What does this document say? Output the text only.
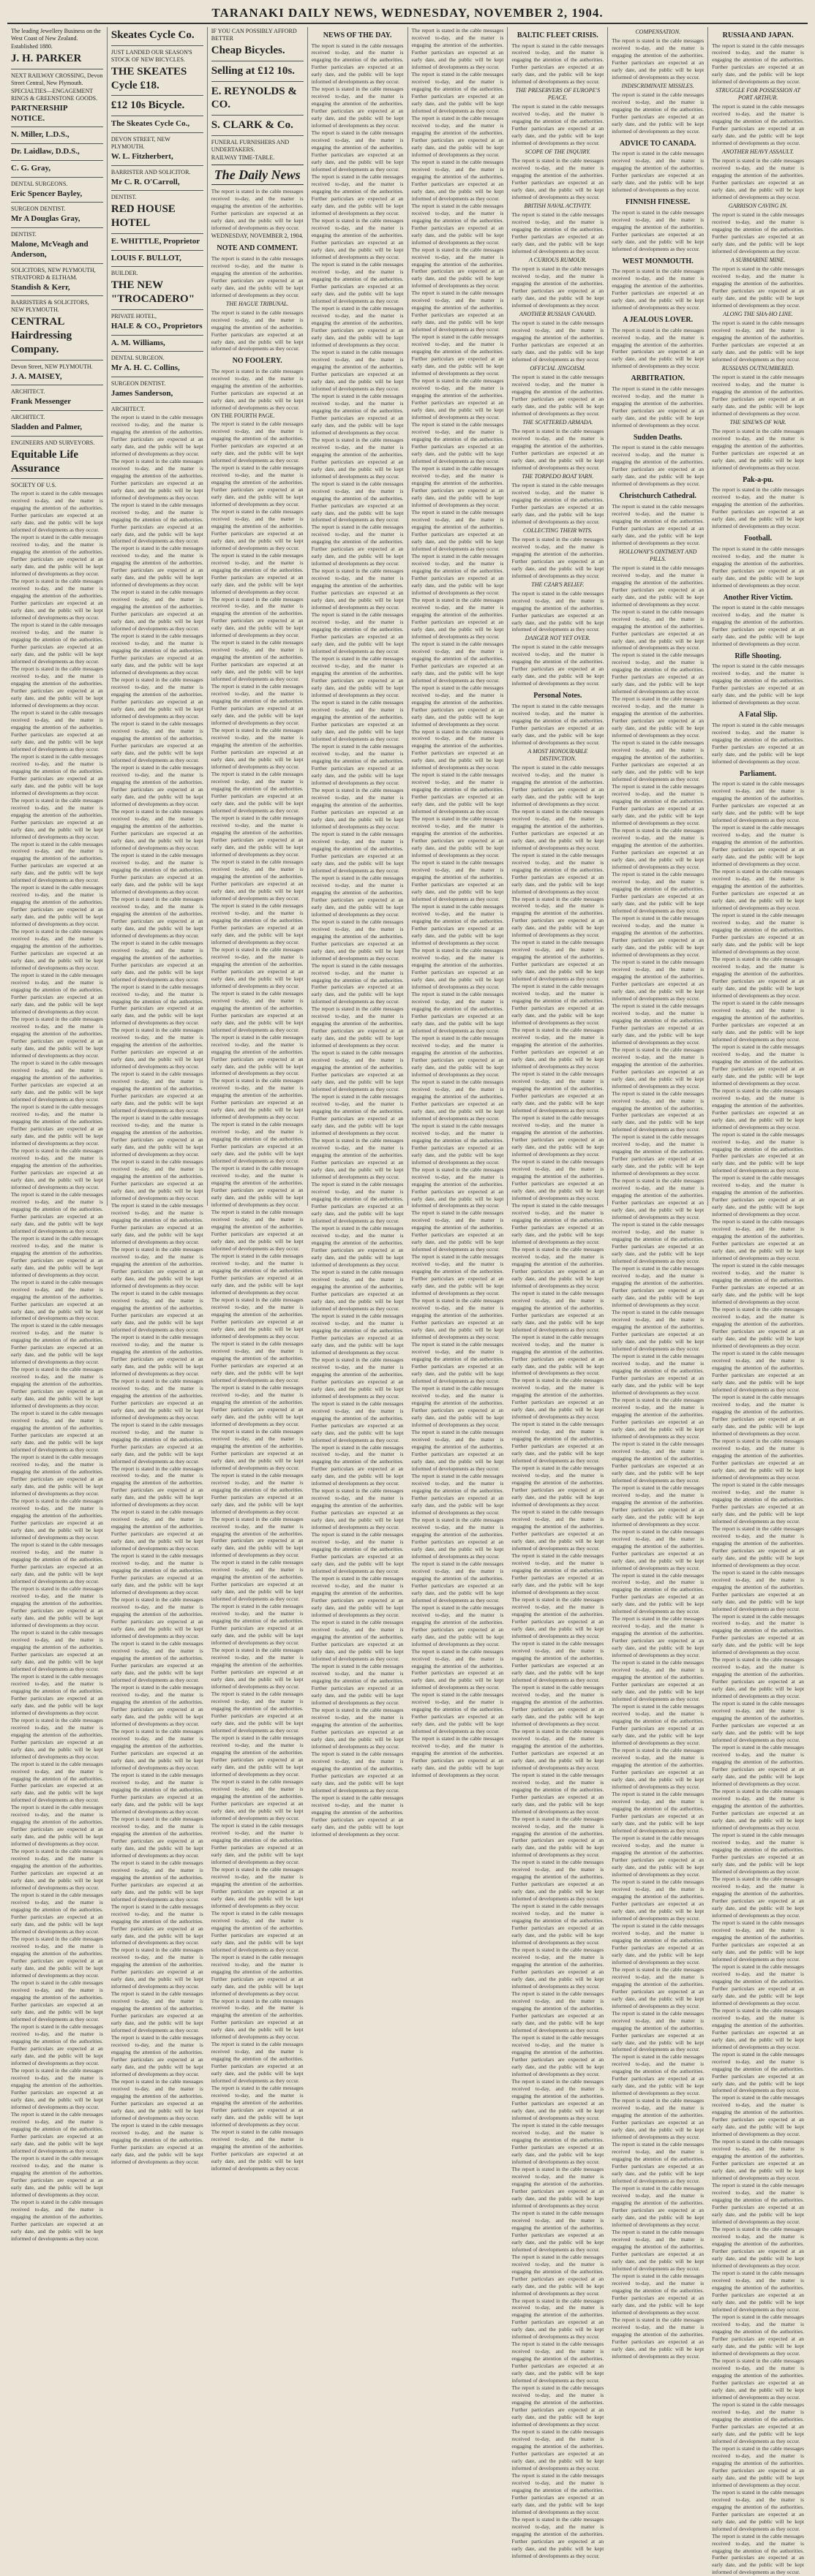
TARANAKI DAILY NEWS, WEDNESDAY, NOVEMBER 2, 1904.
The leading Jewellery Business on the West Coast of New Zealand.
Established 1880.
J. H. PARKER
NEXT RAILWAY CROSSING, Devon Street Central, New Plymouth.
SPECIALTIES—ENGAGEMENT RINGS & GREENSTONE GOODS.
PARTNERSHIP NOTICE.
N. Miller, L.D.S.,
Dr. Laidlaw, D.D.S.,
C. G. Gray,
DENTAL SURGEONS.
Eric Spencer Bayley,
SURGEON DENTIST.
Mr A Douglas Gray,
DENTIST.
Malone, McVeagh and Anderson,
SOLICITORS, NEW PLYMOUTH, STRATFORD & ELTHAM.
Standish & Kerr,
BARRISTERS & SOLICITORS, NEW PLYMOUTH.
CENTRAL Hairdressing Company.
Devon Street, NEW PLYMOUTH.
J. A. MAISEY,
ARCHITECT.
Frank Messenger
ARCHITECT.
Sladden and Palmer,
ENGINEERS AND SURVEYORS.
Equitable Life Assurance
SOCIETY OF U.S.
The report is stated in the cable messages received to-day, and the matter is engaging the attention of the authorities. Further particulars are expected at an early date, and the public will be kept informed of developments as they occur.
The report is stated in the cable messages received to-day, and the matter is engaging the attention of the authorities. Further particulars are expected at an early date, and the public will be kept informed of developments as they occur.
The report is stated in the cable messages received to-day, and the matter is engaging the attention of the authorities. Further particulars are expected at an early date, and the public will be kept informed of developments as they occur.
The report is stated in the cable messages received to-day, and the matter is engaging the attention of the authorities. Further particulars are expected at an early date, and the public will be kept informed of developments as they occur.
The report is stated in the cable messages received to-day, and the matter is engaging the attention of the authorities. Further particulars are expected at an early date, and the public will be kept informed of developments as they occur.
The report is stated in the cable messages received to-day, and the matter is engaging the attention of the authorities. Further particulars are expected at an early date, and the public will be kept informed of developments as they occur.
The report is stated in the cable messages received to-day, and the matter is engaging the attention of the authorities. Further particulars are expected at an early date, and the public will be kept informed of developments as they occur.
The report is stated in the cable messages received to-day, and the matter is engaging the attention of the authorities. Further particulars are expected at an early date, and the public will be kept informed of developments as they occur.
The report is stated in the cable messages received to-day, and the matter is engaging the attention of the authorities. Further particulars are expected at an early date, and the public will be kept informed of developments as they occur.
The report is stated in the cable messages received to-day, and the matter is engaging the attention of the authorities. Further particulars are expected at an early date, and the public will be kept informed of developments as they occur.
The report is stated in the cable messages received to-day, and the matter is engaging the attention of the authorities. Further particulars are expected at an early date, and the public will be kept informed of developments as they occur.
The report is stated in the cable messages received to-day, and the matter is engaging the attention of the authorities. Further particulars are expected at an early date, and the public will be kept informed of developments as they occur.
The report is stated in the cable messages received to-day, and the matter is engaging the attention of the authorities. Further particulars are expected at an early date, and the public will be kept informed of developments as they occur.
The report is stated in the cable messages received to-day, and the matter is engaging the attention of the authorities. Further particulars are expected at an early date, and the public will be kept informed of developments as they occur.
The report is stated in the cable messages received to-day, and the matter is engaging the attention of the authorities. Further particulars are expected at an early date, and the public will be kept informed of developments as they occur.
The report is stated in the cable messages received to-day, and the matter is engaging the attention of the authorities. Further particulars are expected at an early date, and the public will be kept informed of developments as they occur.
The report is stated in the cable messages received to-day, and the matter is engaging the attention of the authorities. Further particulars are expected at an early date, and the public will be kept informed of developments as they occur.
The report is stated in the cable messages received to-day, and the matter is engaging the attention of the authorities. Further particulars are expected at an early date, and the public will be kept informed of developments as they occur.
The report is stated in the cable messages received to-day, and the matter is engaging the attention of the authorities. Further particulars are expected at an early date, and the public will be kept informed of developments as they occur.
The report is stated in the cable messages received to-day, and the matter is engaging the attention of the authorities. Further particulars are expected at an early date, and the public will be kept informed of developments as they occur.
The report is stated in the cable messages received to-day, and the matter is engaging the attention of the authorities. Further particulars are expected at an early date, and the public will be kept informed of developments as they occur.
The report is stated in the cable messages received to-day, and the matter is engaging the attention of the authorities. Further particulars are expected at an early date, and the public will be kept informed of developments as they occur.
The report is stated in the cable messages received to-day, and the matter is engaging the attention of the authorities. Further particulars are expected at an early date, and the public will be kept informed of developments as they occur.
The report is stated in the cable messages received to-day, and the matter is engaging the attention of the authorities. Further particulars are expected at an early date, and the public will be kept informed of developments as they occur.
The report is stated in the cable messages received to-day, and the matter is engaging the attention of the authorities. Further particulars are expected at an early date, and the public will be kept informed of developments as they occur.
The report is stated in the cable messages received to-day, and the matter is engaging the attention of the authorities. Further particulars are expected at an early date, and the public will be kept informed of developments as they occur.
The report is stated in the cable messages received to-day, and the matter is engaging the attention of the authorities. Further particulars are expected at an early date, and the public will be kept informed of developments as they occur.
The report is stated in the cable messages received to-day, and the matter is engaging the attention of the authorities. Further particulars are expected at an early date, and the public will be kept informed of developments as they occur.
The report is stated in the cable messages received to-day, and the matter is engaging the attention of the authorities. Further particulars are expected at an early date, and the public will be kept informed of developments as they occur.
The report is stated in the cable messages received to-day, and the matter is engaging the attention of the authorities. Further particulars are expected at an early date, and the public will be kept informed of developments as they occur.
The report is stated in the cable messages received to-day, and the matter is engaging the attention of the authorities. Further particulars are expected at an early date, and the public will be kept informed of developments as they occur.
The report is stated in the cable messages received to-day, and the matter is engaging the attention of the authorities. Further particulars are expected at an early date, and the public will be kept informed of developments as they occur.
The report is stated in the cable messages received to-day, and the matter is engaging the attention of the authorities. Further particulars are expected at an early date, and the public will be kept informed of developments as they occur.
The report is stated in the cable messages received to-day, and the matter is engaging the attention of the authorities. Further particulars are expected at an early date, and the public will be kept informed of developments as they occur.
The report is stated in the cable messages received to-day, and the matter is engaging the attention of the authorities. Further particulars are expected at an early date, and the public will be kept informed of developments as they occur.
The report is stated in the cable messages received to-day, and the matter is engaging the attention of the authorities. Further particulars are expected at an early date, and the public will be kept informed of developments as they occur.
The report is stated in the cable messages received to-day, and the matter is engaging the attention of the authorities. Further particulars are expected at an early date, and the public will be kept informed of developments as they occur.
The report is stated in the cable messages received to-day, and the matter is engaging the attention of the authorities. Further particulars are expected at an early date, and the public will be kept informed of developments as they occur.
The report is stated in the cable messages received to-day, and the matter is engaging the attention of the authorities. Further particulars are expected at an early date, and the public will be kept informed of developments as they occur.
The report is stated in the cable messages received to-day, and the matter is engaging the attention of the authorities. Further particulars are expected at an early date, and the public will be kept informed of developments as they occur.
Skeates Cycle Co.
JUST LANDED OUR SEASON'S STOCK OF NEW BICYCLES.
THE SKEATES Cycle £18.
£12 10s Bicycle.
The Skeates Cycle Co.,
DEVON STREET, NEW PLYMOUTH.
W. L. Fitzherbert,
BARRISTER AND SOLICITOR.
Mr C. R. O'Carroll,
DENTIST.
RED HOUSE HOTEL
E. WHITTLE, Proprietor
LOUIS F. BULLOT,
BUILDER.
THE NEW "TROCADERO"
PRIVATE HOTEL,
HALE & CO., Proprietors
A. M. Williams,
DENTAL SURGEON.
Mr A. H. C. Collins,
SURGEON DENTIST.
James Sanderson,
ARCHITECT.
The report is stated in the cable messages received to-day, and the matter is engaging the attention of the authorities. Further particulars are expected at an early date, and the public will be kept informed of developments as they occur.
The report is stated in the cable messages received to-day, and the matter is engaging the attention of the authorities. Further particulars are expected at an early date, and the public will be kept informed of developments as they occur.
The report is stated in the cable messages received to-day, and the matter is engaging the attention of the authorities. Further particulars are expected at an early date, and the public will be kept informed of developments as they occur.
The report is stated in the cable messages received to-day, and the matter is engaging the attention of the authorities. Further particulars are expected at an early date, and the public will be kept informed of developments as they occur.
The report is stated in the cable messages received to-day, and the matter is engaging the attention of the authorities. Further particulars are expected at an early date, and the public will be kept informed of developments as they occur.
The report is stated in the cable messages received to-day, and the matter is engaging the attention of the authorities. Further particulars are expected at an early date, and the public will be kept informed of developments as they occur.
The report is stated in the cable messages received to-day, and the matter is engaging the attention of the authorities. Further particulars are expected at an early date, and the public will be kept informed of developments as they occur.
The report is stated in the cable messages received to-day, and the matter is engaging the attention of the authorities. Further particulars are expected at an early date, and the public will be kept informed of developments as they occur.
The report is stated in the cable messages received to-day, and the matter is engaging the attention of the authorities. Further particulars are expected at an early date, and the public will be kept informed of developments as they occur.
The report is stated in the cable messages received to-day, and the matter is engaging the attention of the authorities. Further particulars are expected at an early date, and the public will be kept informed of developments as they occur.
The report is stated in the cable messages received to-day, and the matter is engaging the attention of the authorities. Further particulars are expected at an early date, and the public will be kept informed of developments as they occur.
The report is stated in the cable messages received to-day, and the matter is engaging the attention of the authorities. Further particulars are expected at an early date, and the public will be kept informed of developments as they occur.
The report is stated in the cable messages received to-day, and the matter is engaging the attention of the authorities. Further particulars are expected at an early date, and the public will be kept informed of developments as they occur.
The report is stated in the cable messages received to-day, and the matter is engaging the attention of the authorities. Further particulars are expected at an early date, and the public will be kept informed of developments as they occur.
The report is stated in the cable messages received to-day, and the matter is engaging the attention of the authorities. Further particulars are expected at an early date, and the public will be kept informed of developments as they occur.
The report is stated in the cable messages received to-day, and the matter is engaging the attention of the authorities. Further particulars are expected at an early date, and the public will be kept informed of developments as they occur.
The report is stated in the cable messages received to-day, and the matter is engaging the attention of the authorities. Further particulars are expected at an early date, and the public will be kept informed of developments as they occur.
The report is stated in the cable messages received to-day, and the matter is engaging the attention of the authorities. Further particulars are expected at an early date, and the public will be kept informed of developments as they occur.
The report is stated in the cable messages received to-day, and the matter is engaging the attention of the authorities. Further particulars are expected at an early date, and the public will be kept informed of developments as they occur.
The report is stated in the cable messages received to-day, and the matter is engaging the attention of the authorities. Further particulars are expected at an early date, and the public will be kept informed of developments as they occur.
The report is stated in the cable messages received to-day, and the matter is engaging the attention of the authorities. Further particulars are expected at an early date, and the public will be kept informed of developments as they occur.
The report is stated in the cable messages received to-day, and the matter is engaging the attention of the authorities. Further particulars are expected at an early date, and the public will be kept informed of developments as they occur.
The report is stated in the cable messages received to-day, and the matter is engaging the attention of the authorities. Further particulars are expected at an early date, and the public will be kept informed of developments as they occur.
The report is stated in the cable messages received to-day, and the matter is engaging the attention of the authorities. Further particulars are expected at an early date, and the public will be kept informed of developments as they occur.
The report is stated in the cable messages received to-day, and the matter is engaging the attention of the authorities. Further particulars are expected at an early date, and the public will be kept informed of developments as they occur.
The report is stated in the cable messages received to-day, and the matter is engaging the attention of the authorities. Further particulars are expected at an early date, and the public will be kept informed of developments as they occur.
The report is stated in the cable messages received to-day, and the matter is engaging the attention of the authorities. Further particulars are expected at an early date, and the public will be kept informed of developments as they occur.
The report is stated in the cable messages received to-day, and the matter is engaging the attention of the authorities. Further particulars are expected at an early date, and the public will be kept informed of developments as they occur.
The report is stated in the cable messages received to-day, and the matter is engaging the attention of the authorities. Further particulars are expected at an early date, and the public will be kept informed of developments as they occur.
The report is stated in the cable messages received to-day, and the matter is engaging the attention of the authorities. Further particulars are expected at an early date, and the public will be kept informed of developments as they occur.
The report is stated in the cable messages received to-day, and the matter is engaging the attention of the authorities. Further particulars are expected at an early date, and the public will be kept informed of developments as they occur.
The report is stated in the cable messages received to-day, and the matter is engaging the attention of the authorities. Further particulars are expected at an early date, and the public will be kept informed of developments as they occur.
The report is stated in the cable messages received to-day, and the matter is engaging the attention of the authorities. Further particulars are expected at an early date, and the public will be kept informed of developments as they occur.
The report is stated in the cable messages received to-day, and the matter is engaging the attention of the authorities. Further particulars are expected at an early date, and the public will be kept informed of developments as they occur.
The report is stated in the cable messages received to-day, and the matter is engaging the attention of the authorities. Further particulars are expected at an early date, and the public will be kept informed of developments as they occur.
The report is stated in the cable messages received to-day, and the matter is engaging the attention of the authorities. Further particulars are expected at an early date, and the public will be kept informed of developments as they occur.
The report is stated in the cable messages received to-day, and the matter is engaging the attention of the authorities. Further particulars are expected at an early date, and the public will be kept informed of developments as they occur.
The report is stated in the cable messages received to-day, and the matter is engaging the attention of the authorities. Further particulars are expected at an early date, and the public will be kept informed of developments as they occur.
The report is stated in the cable messages received to-day, and the matter is engaging the attention of the authorities. Further particulars are expected at an early date, and the public will be kept informed of developments as they occur.
The report is stated in the cable messages received to-day, and the matter is engaging the attention of the authorities. Further particulars are expected at an early date, and the public will be kept informed of developments as they occur.
IF YOU CAN POSSIBLY AFFORD BETTER
Cheap Bicycles.
Selling at £12 10s.
E. REYNOLDS & CO.
S. CLARK & Co.
FUNERAL FURNISHERS AND UNDERTAKERS.
RAILWAY TIME-TABLE.
The Daily News
The report is stated in the cable messages received to-day, and the matter is engaging the attention of the authorities. Further particulars are expected at an early date, and the public will be kept informed of developments as they occur.
WEDNESDAY, NOVEMBER 2, 1904.
NOTE AND COMMENT.
The report is stated in the cable messages received to-day, and the matter is engaging the attention of the authorities. Further particulars are expected at an early date, and the public will be kept informed of developments as they occur.
THE HAGUE TRIBUNAL.
The report is stated in the cable messages received to-day, and the matter is engaging the attention of the authorities. Further particulars are expected at an early date, and the public will be kept informed of developments as they occur.
NO FOOLERY.
The report is stated in the cable messages received to-day, and the matter is engaging the attention of the authorities. Further particulars are expected at an early date, and the public will be kept informed of developments as they occur.
ON THE FOURTH PAGE.
The report is stated in the cable messages received to-day, and the matter is engaging the attention of the authorities. Further particulars are expected at an early date, and the public will be kept informed of developments as they occur.
The report is stated in the cable messages received to-day, and the matter is engaging the attention of the authorities. Further particulars are expected at an early date, and the public will be kept informed of developments as they occur.
The report is stated in the cable messages received to-day, and the matter is engaging the attention of the authorities. Further particulars are expected at an early date, and the public will be kept informed of developments as they occur.
The report is stated in the cable messages received to-day, and the matter is engaging the attention of the authorities. Further particulars are expected at an early date, and the public will be kept informed of developments as they occur.
The report is stated in the cable messages received to-day, and the matter is engaging the attention of the authorities. Further particulars are expected at an early date, and the public will be kept informed of developments as they occur.
The report is stated in the cable messages received to-day, and the matter is engaging the attention of the authorities. Further particulars are expected at an early date, and the public will be kept informed of developments as they occur.
The report is stated in the cable messages received to-day, and the matter is engaging the attention of the authorities. Further particulars are expected at an early date, and the public will be kept informed of developments as they occur.
The report is stated in the cable messages received to-day, and the matter is engaging the attention of the authorities. Further particulars are expected at an early date, and the public will be kept informed of developments as they occur.
The report is stated in the cable messages received to-day, and the matter is engaging the attention of the authorities. Further particulars are expected at an early date, and the public will be kept informed of developments as they occur.
The report is stated in the cable messages received to-day, and the matter is engaging the attention of the authorities. Further particulars are expected at an early date, and the public will be kept informed of developments as they occur.
The report is stated in the cable messages received to-day, and the matter is engaging the attention of the authorities. Further particulars are expected at an early date, and the public will be kept informed of developments as they occur.
The report is stated in the cable messages received to-day, and the matter is engaging the attention of the authorities. Further particulars are expected at an early date, and the public will be kept informed of developments as they occur.
The report is stated in the cable messages received to-day, and the matter is engaging the attention of the authorities. Further particulars are expected at an early date, and the public will be kept informed of developments as they occur.
The report is stated in the cable messages received to-day, and the matter is engaging the attention of the authorities. Further particulars are expected at an early date, and the public will be kept informed of developments as they occur.
The report is stated in the cable messages received to-day, and the matter is engaging the attention of the authorities. Further particulars are expected at an early date, and the public will be kept informed of developments as they occur.
The report is stated in the cable messages received to-day, and the matter is engaging the attention of the authorities. Further particulars are expected at an early date, and the public will be kept informed of developments as they occur.
The report is stated in the cable messages received to-day, and the matter is engaging the attention of the authorities. Further particulars are expected at an early date, and the public will be kept informed of developments as they occur.
The report is stated in the cable messages received to-day, and the matter is engaging the attention of the authorities. Further particulars are expected at an early date, and the public will be kept informed of developments as they occur.
The report is stated in the cable messages received to-day, and the matter is engaging the attention of the authorities. Further particulars are expected at an early date, and the public will be kept informed of developments as they occur.
The report is stated in the cable messages received to-day, and the matter is engaging the attention of the authorities. Further particulars are expected at an early date, and the public will be kept informed of developments as they occur.
The report is stated in the cable messages received to-day, and the matter is engaging the attention of the authorities. Further particulars are expected at an early date, and the public will be kept informed of developments as they occur.
The report is stated in the cable messages received to-day, and the matter is engaging the attention of the authorities. Further particulars are expected at an early date, and the public will be kept informed of developments as they occur.
The report is stated in the cable messages received to-day, and the matter is engaging the attention of the authorities. Further particulars are expected at an early date, and the public will be kept informed of developments as they occur.
The report is stated in the cable messages received to-day, and the matter is engaging the attention of the authorities. Further particulars are expected at an early date, and the public will be kept informed of developments as they occur.
The report is stated in the cable messages received to-day, and the matter is engaging the attention of the authorities. Further particulars are expected at an early date, and the public will be kept informed of developments as they occur.
The report is stated in the cable messages received to-day, and the matter is engaging the attention of the authorities. Further particulars are expected at an early date, and the public will be kept informed of developments as they occur.
The report is stated in the cable messages received to-day, and the matter is engaging the attention of the authorities. Further particulars are expected at an early date, and the public will be kept informed of developments as they occur.
The report is stated in the cable messages received to-day, and the matter is engaging the attention of the authorities. Further particulars are expected at an early date, and the public will be kept informed of developments as they occur.
The report is stated in the cable messages received to-day, and the matter is engaging the attention of the authorities. Further particulars are expected at an early date, and the public will be kept informed of developments as they occur.
The report is stated in the cable messages received to-day, and the matter is engaging the attention of the authorities. Further particulars are expected at an early date, and the public will be kept informed of developments as they occur.
The report is stated in the cable messages received to-day, and the matter is engaging the attention of the authorities. Further particulars are expected at an early date, and the public will be kept informed of developments as they occur.
The report is stated in the cable messages received to-day, and the matter is engaging the attention of the authorities. Further particulars are expected at an early date, and the public will be kept informed of developments as they occur.
The report is stated in the cable messages received to-day, and the matter is engaging the attention of the authorities. Further particulars are expected at an early date, and the public will be kept informed of developments as they occur.
The report is stated in the cable messages received to-day, and the matter is engaging the attention of the authorities. Further particulars are expected at an early date, and the public will be kept informed of developments as they occur.
The report is stated in the cable messages received to-day, and the matter is engaging the attention of the authorities. Further particulars are expected at an early date, and the public will be kept informed of developments as they occur.
The report is stated in the cable messages received to-day, and the matter is engaging the attention of the authorities. Further particulars are expected at an early date, and the public will be kept informed of developments as they occur.
The report is stated in the cable messages received to-day, and the matter is engaging the attention of the authorities. Further particulars are expected at an early date, and the public will be kept informed of developments as they occur.
The report is stated in the cable messages received to-day, and the matter is engaging the attention of the authorities. Further particulars are expected at an early date, and the public will be kept informed of developments as they occur.
The report is stated in the cable messages received to-day, and the matter is engaging the attention of the authorities. Further particulars are expected at an early date, and the public will be kept informed of developments as they occur.
The report is stated in the cable messages received to-day, and the matter is engaging the attention of the authorities. Further particulars are expected at an early date, and the public will be kept informed of developments as they occur.
NEWS OF THE DAY.
The report is stated in the cable messages received to-day, and the matter is engaging the attention of the authorities. Further particulars are expected at an early date, and the public will be kept informed of developments as they occur.
The report is stated in the cable messages received to-day, and the matter is engaging the attention of the authorities. Further particulars are expected at an early date, and the public will be kept informed of developments as they occur.
The report is stated in the cable messages received to-day, and the matter is engaging the attention of the authorities. Further particulars are expected at an early date, and the public will be kept informed of developments as they occur.
The report is stated in the cable messages received to-day, and the matter is engaging the attention of the authorities. Further particulars are expected at an early date, and the public will be kept informed of developments as they occur.
The report is stated in the cable messages received to-day, and the matter is engaging the attention of the authorities. Further particulars are expected at an early date, and the public will be kept informed of developments as they occur.
The report is stated in the cable messages received to-day, and the matter is engaging the attention of the authorities. Further particulars are expected at an early date, and the public will be kept informed of developments as they occur.
The report is stated in the cable messages received to-day, and the matter is engaging the attention of the authorities. Further particulars are expected at an early date, and the public will be kept informed of developments as they occur.
The report is stated in the cable messages received to-day, and the matter is engaging the attention of the authorities. Further particulars are expected at an early date, and the public will be kept informed of developments as they occur.
The report is stated in the cable messages received to-day, and the matter is engaging the attention of the authorities. Further particulars are expected at an early date, and the public will be kept informed of developments as they occur.
The report is stated in the cable messages received to-day, and the matter is engaging the attention of the authorities. Further particulars are expected at an early date, and the public will be kept informed of developments as they occur.
The report is stated in the cable messages received to-day, and the matter is engaging the attention of the authorities. Further particulars are expected at an early date, and the public will be kept informed of developments as they occur.
The report is stated in the cable messages received to-day, and the matter is engaging the attention of the authorities. Further particulars are expected at an early date, and the public will be kept informed of developments as they occur.
The report is stated in the cable messages received to-day, and the matter is engaging the attention of the authorities. Further particulars are expected at an early date, and the public will be kept informed of developments as they occur.
The report is stated in the cable messages received to-day, and the matter is engaging the attention of the authorities. Further particulars are expected at an early date, and the public will be kept informed of developments as they occur.
The report is stated in the cable messages received to-day, and the matter is engaging the attention of the authorities. Further particulars are expected at an early date, and the public will be kept informed of developments as they occur.
The report is stated in the cable messages received to-day, and the matter is engaging the attention of the authorities. Further particulars are expected at an early date, and the public will be kept informed of developments as they occur.
The report is stated in the cable messages received to-day, and the matter is engaging the attention of the authorities. Further particulars are expected at an early date, and the public will be kept informed of developments as they occur.
The report is stated in the cable messages received to-day, and the matter is engaging the attention of the authorities. Further particulars are expected at an early date, and the public will be kept informed of developments as they occur.
The report is stated in the cable messages received to-day, and the matter is engaging the attention of the authorities. Further particulars are expected at an early date, and the public will be kept informed of developments as they occur.
The report is stated in the cable messages received to-day, and the matter is engaging the attention of the authorities. Further particulars are expected at an early date, and the public will be kept informed of developments as they occur.
The report is stated in the cable messages received to-day, and the matter is engaging the attention of the authorities. Further particulars are expected at an early date, and the public will be kept informed of developments as they occur.
The report is stated in the cable messages received to-day, and the matter is engaging the attention of the authorities. Further particulars are expected at an early date, and the public will be kept informed of developments as they occur.
The report is stated in the cable messages received to-day, and the matter is engaging the attention of the authorities. Further particulars are expected at an early date, and the public will be kept informed of developments as they occur.
The report is stated in the cable messages received to-day, and the matter is engaging the attention of the authorities. Further particulars are expected at an early date, and the public will be kept informed of developments as they occur.
The report is stated in the cable messages received to-day, and the matter is engaging the attention of the authorities. Further particulars are expected at an early date, and the public will be kept informed of developments as they occur.
The report is stated in the cable messages received to-day, and the matter is engaging the attention of the authorities. Further particulars are expected at an early date, and the public will be kept informed of developments as they occur.
The report is stated in the cable messages received to-day, and the matter is engaging the attention of the authorities. Further particulars are expected at an early date, and the public will be kept informed of developments as they occur.
The report is stated in the cable messages received to-day, and the matter is engaging the attention of the authorities. Further particulars are expected at an early date, and the public will be kept informed of developments as they occur.
The report is stated in the cable messages received to-day, and the matter is engaging the attention of the authorities. Further particulars are expected at an early date, and the public will be kept informed of developments as they occur.
The report is stated in the cable messages received to-day, and the matter is engaging the attention of the authorities. Further particulars are expected at an early date, and the public will be kept informed of developments as they occur.
The report is stated in the cable messages received to-day, and the matter is engaging the attention of the authorities. Further particulars are expected at an early date, and the public will be kept informed of developments as they occur.
The report is stated in the cable messages received to-day, and the matter is engaging the attention of the authorities. Further particulars are expected at an early date, and the public will be kept informed of developments as they occur.
The report is stated in the cable messages received to-day, and the matter is engaging the attention of the authorities. Further particulars are expected at an early date, and the public will be kept informed of developments as they occur.
The report is stated in the cable messages received to-day, and the matter is engaging the attention of the authorities. Further particulars are expected at an early date, and the public will be kept informed of developments as they occur.
The report is stated in the cable messages received to-day, and the matter is engaging the attention of the authorities. Further particulars are expected at an early date, and the public will be kept informed of developments as they occur.
The report is stated in the cable messages received to-day, and the matter is engaging the attention of the authorities. Further particulars are expected at an early date, and the public will be kept informed of developments as they occur.
The report is stated in the cable messages received to-day, and the matter is engaging the attention of the authorities. Further particulars are expected at an early date, and the public will be kept informed of developments as they occur.
The report is stated in the cable messages received to-day, and the matter is engaging the attention of the authorities. Further particulars are expected at an early date, and the public will be kept informed of developments as they occur.
The report is stated in the cable messages received to-day, and the matter is engaging the attention of the authorities. Further particulars are expected at an early date, and the public will be kept informed of developments as they occur.
The report is stated in the cable messages received to-day, and the matter is engaging the attention of the authorities. Further particulars are expected at an early date, and the public will be kept informed of developments as they occur.
The report is stated in the cable messages received to-day, and the matter is engaging the attention of the authorities. Further particulars are expected at an early date, and the public will be kept informed of developments as they occur.
The report is stated in the cable messages received to-day, and the matter is engaging the attention of the authorities. Further particulars are expected at an early date, and the public will be kept informed of developments as they occur.
The report is stated in the cable messages received to-day, and the matter is engaging the attention of the authorities. Further particulars are expected at an early date, and the public will be kept informed of developments as they occur.
The report is stated in the cable messages received to-day, and the matter is engaging the attention of the authorities. Further particulars are expected at an early date, and the public will be kept informed of developments as they occur.
The report is stated in the cable messages received to-day, and the matter is engaging the attention of the authorities. Further particulars are expected at an early date, and the public will be kept informed of developments as they occur.
The report is stated in the cable messages received to-day, and the matter is engaging the attention of the authorities. Further particulars are expected at an early date, and the public will be kept informed of developments as they occur.
The report is stated in the cable messages received to-day, and the matter is engaging the attention of the authorities. Further particulars are expected at an early date, and the public will be kept informed of developments as they occur.
The report is stated in the cable messages received to-day, and the matter is engaging the attention of the authorities. Further particulars are expected at an early date, and the public will be kept informed of developments as they occur.
The report is stated in the cable messages received to-day, and the matter is engaging the attention of the authorities. Further particulars are expected at an early date, and the public will be kept informed of developments as they occur.
The report is stated in the cable messages received to-day, and the matter is engaging the attention of the authorities. Further particulars are expected at an early date, and the public will be kept informed of developments as they occur.
The report is stated in the cable messages received to-day, and the matter is engaging the attention of the authorities. Further particulars are expected at an early date, and the public will be kept informed of developments as they occur.
The report is stated in the cable messages received to-day, and the matter is engaging the attention of the authorities. Further particulars are expected at an early date, and the public will be kept informed of developments as they occur.
The report is stated in the cable messages received to-day, and the matter is engaging the attention of the authorities. Further particulars are expected at an early date, and the public will be kept informed of developments as they occur.
The report is stated in the cable messages received to-day, and the matter is engaging the attention of the authorities. Further particulars are expected at an early date, and the public will be kept informed of developments as they occur.
The report is stated in the cable messages received to-day, and the matter is engaging the attention of the authorities. Further particulars are expected at an early date, and the public will be kept informed of developments as they occur.
The report is stated in the cable messages received to-day, and the matter is engaging the attention of the authorities. Further particulars are expected at an early date, and the public will be kept informed of developments as they occur.
The report is stated in the cable messages received to-day, and the matter is engaging the attention of the authorities. Further particulars are expected at an early date, and the public will be kept informed of developments as they occur.
The report is stated in the cable messages received to-day, and the matter is engaging the attention of the authorities. Further particulars are expected at an early date, and the public will be kept informed of developments as they occur.
The report is stated in the cable messages received to-day, and the matter is engaging the attention of the authorities. Further particulars are expected at an early date, and the public will be kept informed of developments as they occur.
The report is stated in the cable messages received to-day, and the matter is engaging the attention of the authorities. Further particulars are expected at an early date, and the public will be kept informed of developments as they occur.
The report is stated in the cable messages received to-day, and the matter is engaging the attention of the authorities. Further particulars are expected at an early date, and the public will be kept informed of developments as they occur.
The report is stated in the cable messages received to-day, and the matter is engaging the attention of the authorities. Further particulars are expected at an early date, and the public will be kept informed of developments as they occur.
The report is stated in the cable messages received to-day, and the matter is engaging the attention of the authorities. Further particulars are expected at an early date, and the public will be kept informed of developments as they occur.
The report is stated in the cable messages received to-day, and the matter is engaging the attention of the authorities. Further particulars are expected at an early date, and the public will be kept informed of developments as they occur.
The report is stated in the cable messages received to-day, and the matter is engaging the attention of the authorities. Further particulars are expected at an early date, and the public will be kept informed of developments as they occur.
The report is stated in the cable messages received to-day, and the matter is engaging the attention of the authorities. Further particulars are expected at an early date, and the public will be kept informed of developments as they occur.
The report is stated in the cable messages received to-day, and the matter is engaging the attention of the authorities. Further particulars are expected at an early date, and the public will be kept informed of developments as they occur.
The report is stated in the cable messages received to-day, and the matter is engaging the attention of the authorities. Further particulars are expected at an early date, and the public will be kept informed of developments as they occur.
The report is stated in the cable messages received to-day, and the matter is engaging the attention of the authorities. Further particulars are expected at an early date, and the public will be kept informed of developments as they occur.
The report is stated in the cable messages received to-day, and the matter is engaging the attention of the authorities. Further particulars are expected at an early date, and the public will be kept informed of developments as they occur.
The report is stated in the cable messages received to-day, and the matter is engaging the attention of the authorities. Further particulars are expected at an early date, and the public will be kept informed of developments as they occur.
The report is stated in the cable messages received to-day, and the matter is engaging the attention of the authorities. Further particulars are expected at an early date, and the public will be kept informed of developments as they occur.
The report is stated in the cable messages received to-day, and the matter is engaging the attention of the authorities. Further particulars are expected at an early date, and the public will be kept informed of developments as they occur.
The report is stated in the cable messages received to-day, and the matter is engaging the attention of the authorities. Further particulars are expected at an early date, and the public will be kept informed of developments as they occur.
The report is stated in the cable messages received to-day, and the matter is engaging the attention of the authorities. Further particulars are expected at an early date, and the public will be kept informed of developments as they occur.
The report is stated in the cable messages received to-day, and the matter is engaging the attention of the authorities. Further particulars are expected at an early date, and the public will be kept informed of developments as they occur.
The report is stated in the cable messages received to-day, and the matter is engaging the attention of the authorities. Further particulars are expected at an early date, and the public will be kept informed of developments as they occur.
The report is stated in the cable messages received to-day, and the matter is engaging the attention of the authorities. Further particulars are expected at an early date, and the public will be kept informed of developments as they occur.
The report is stated in the cable messages received to-day, and the matter is engaging the attention of the authorities. Further particulars are expected at an early date, and the public will be kept informed of developments as they occur.
The report is stated in the cable messages received to-day, and the matter is engaging the attention of the authorities. Further particulars are expected at an early date, and the public will be kept informed of developments as they occur.
The report is stated in the cable messages received to-day, and the matter is engaging the attention of the authorities. Further particulars are expected at an early date, and the public will be kept informed of developments as they occur.
BALTIC FLEET CRISIS.
The report is stated in the cable messages received to-day, and the matter is engaging the attention of the authorities. Further particulars are expected at an early date, and the public will be kept informed of developments as they occur.
THE PRESERVERS OF EUROPE'S PEACE.
The report is stated in the cable messages received to-day, and the matter is engaging the attention of the authorities. Further particulars are expected at an early date, and the public will be kept informed of developments as they occur.
SCOPE OF THE INQUIRY.
The report is stated in the cable messages received to-day, and the matter is engaging the attention of the authorities. Further particulars are expected at an early date, and the public will be kept informed of developments as they occur.
BRITISH NAVAL ACTIVITY.
The report is stated in the cable messages received to-day, and the matter is engaging the attention of the authorities. Further particulars are expected at an early date, and the public will be kept informed of developments as they occur.
A CURIOUS RUMOUR.
The report is stated in the cable messages received to-day, and the matter is engaging the attention of the authorities. Further particulars are expected at an early date, and the public will be kept informed of developments as they occur.
ANOTHER RUSSIAN CANARD.
The report is stated in the cable messages received to-day, and the matter is engaging the attention of the authorities. Further particulars are expected at an early date, and the public will be kept informed of developments as they occur.
OFFICIAL JINGOISM.
The report is stated in the cable messages received to-day, and the matter is engaging the attention of the authorities. Further particulars are expected at an early date, and the public will be kept informed of developments as they occur.
THE SCATTERED ARMADA.
The report is stated in the cable messages received to-day, and the matter is engaging the attention of the authorities. Further particulars are expected at an early date, and the public will be kept informed of developments as they occur.
THE TORPEDO BOAT YARN.
The report is stated in the cable messages received to-day, and the matter is engaging the attention of the authorities. Further particulars are expected at an early date, and the public will be kept informed of developments as they occur.
COLLECTING THEIR WITS.
The report is stated in the cable messages received to-day, and the matter is engaging the attention of the authorities. Further particulars are expected at an early date, and the public will be kept informed of developments as they occur.
THE CZAR'S RELIEF.
The report is stated in the cable messages received to-day, and the matter is engaging the attention of the authorities. Further particulars are expected at an early date, and the public will be kept informed of developments as they occur.
DANGER NOT YET OVER.
The report is stated in the cable messages received to-day, and the matter is engaging the attention of the authorities. Further particulars are expected at an early date, and the public will be kept informed of developments as they occur.
Personal Notes.
The report is stated in the cable messages received to-day, and the matter is engaging the attention of the authorities. Further particulars are expected at an early date, and the public will be kept informed of developments as they occur.
A MOST HONOURABLE DISTINCTION.
The report is stated in the cable messages received to-day, and the matter is engaging the attention of the authorities. Further particulars are expected at an early date, and the public will be kept informed of developments as they occur.
The report is stated in the cable messages received to-day, and the matter is engaging the attention of the authorities. Further particulars are expected at an early date, and the public will be kept informed of developments as they occur.
The report is stated in the cable messages received to-day, and the matter is engaging the attention of the authorities. Further particulars are expected at an early date, and the public will be kept informed of developments as they occur.
The report is stated in the cable messages received to-day, and the matter is engaging the attention of the authorities. Further particulars are expected at an early date, and the public will be kept informed of developments as they occur.
The report is stated in the cable messages received to-day, and the matter is engaging the attention of the authorities. Further particulars are expected at an early date, and the public will be kept informed of developments as they occur.
The report is stated in the cable messages received to-day, and the matter is engaging the attention of the authorities. Further particulars are expected at an early date, and the public will be kept informed of developments as they occur.
The report is stated in the cable messages received to-day, and the matter is engaging the attention of the authorities. Further particulars are expected at an early date, and the public will be kept informed of developments as they occur.
The report is stated in the cable messages received to-day, and the matter is engaging the attention of the authorities. Further particulars are expected at an early date, and the public will be kept informed of developments as they occur.
The report is stated in the cable messages received to-day, and the matter is engaging the attention of the authorities. Further particulars are expected at an early date, and the public will be kept informed of developments as they occur.
The report is stated in the cable messages received to-day, and the matter is engaging the attention of the authorities. Further particulars are expected at an early date, and the public will be kept informed of developments as they occur.
The report is stated in the cable messages received to-day, and the matter is engaging the attention of the authorities. Further particulars are expected at an early date, and the public will be kept informed of developments as they occur.
The report is stated in the cable messages received to-day, and the matter is engaging the attention of the authorities. Further particulars are expected at an early date, and the public will be kept informed of developments as they occur.
The report is stated in the cable messages received to-day, and the matter is engaging the attention of the authorities. Further particulars are expected at an early date, and the public will be kept informed of developments as they occur.
The report is stated in the cable messages received to-day, and the matter is engaging the attention of the authorities. Further particulars are expected at an early date, and the public will be kept informed of developments as they occur.
The report is stated in the cable messages received to-day, and the matter is engaging the attention of the authorities. Further particulars are expected at an early date, and the public will be kept informed of developments as they occur.
The report is stated in the cable messages received to-day, and the matter is engaging the attention of the authorities. Further particulars are expected at an early date, and the public will be kept informed of developments as they occur.
The report is stated in the cable messages received to-day, and the matter is engaging the attention of the authorities. Further particulars are expected at an early date, and the public will be kept informed of developments as they occur.
The report is stated in the cable messages received to-day, and the matter is engaging the attention of the authorities. Further particulars are expected at an early date, and the public will be kept informed of developments as they occur.
The report is stated in the cable messages received to-day, and the matter is engaging the attention of the authorities. Further particulars are expected at an early date, and the public will be kept informed of developments as they occur.
The report is stated in the cable messages received to-day, and the matter is engaging the attention of the authorities. Further particulars are expected at an early date, and the public will be kept informed of developments as they occur.
The report is stated in the cable messages received to-day, and the matter is engaging the attention of the authorities. Further particulars are expected at an early date, and the public will be kept informed of developments as they occur.
The report is stated in the cable messages received to-day, and the matter is engaging the attention of the authorities. Further particulars are expected at an early date, and the public will be kept informed of developments as they occur.
The report is stated in the cable messages received to-day, and the matter is engaging the attention of the authorities. Further particulars are expected at an early date, and the public will be kept informed of developments as they occur.
The report is stated in the cable messages received to-day, and the matter is engaging the attention of the authorities. Further particulars are expected at an early date, and the public will be kept informed of developments as they occur.
The report is stated in the cable messages received to-day, and the matter is engaging the attention of the authorities. Further particulars are expected at an early date, and the public will be kept informed of developments as they occur.
The report is stated in the cable messages received to-day, and the matter is engaging the attention of the authorities. Further particulars are expected at an early date, and the public will be kept informed of developments as they occur.
The report is stated in the cable messages received to-day, and the matter is engaging the attention of the authorities. Further particulars are expected at an early date, and the public will be kept informed of developments as they occur.
The report is stated in the cable messages received to-day, and the matter is engaging the attention of the authorities. Further particulars are expected at an early date, and the public will be kept informed of developments as they occur.
The report is stated in the cable messages received to-day, and the matter is engaging the attention of the authorities. Further particulars are expected at an early date, and the public will be kept informed of developments as they occur.
The report is stated in the cable messages received to-day, and the matter is engaging the attention of the authorities. Further particulars are expected at an early date, and the public will be kept informed of developments as they occur.
The report is stated in the cable messages received to-day, and the matter is engaging the attention of the authorities. Further particulars are expected at an early date, and the public will be kept informed of developments as they occur.
The report is stated in the cable messages received to-day, and the matter is engaging the attention of the authorities. Further particulars are expected at an early date, and the public will be kept informed of developments as they occur.
The report is stated in the cable messages received to-day, and the matter is engaging the attention of the authorities. Further particulars are expected at an early date, and the public will be kept informed of developments as they occur.
The report is stated in the cable messages received to-day, and the matter is engaging the attention of the authorities. Further particulars are expected at an early date, and the public will be kept informed of developments as they occur.
The report is stated in the cable messages received to-day, and the matter is engaging the attention of the authorities. Further particulars are expected at an early date, and the public will be kept informed of developments as they occur.
The report is stated in the cable messages received to-day, and the matter is engaging the attention of the authorities. Further particulars are expected at an early date, and the public will be kept informed of developments as they occur.
The report is stated in the cable messages received to-day, and the matter is engaging the attention of the authorities. Further particulars are expected at an early date, and the public will be kept informed of developments as they occur.
The report is stated in the cable messages received to-day, and the matter is engaging the attention of the authorities. Further particulars are expected at an early date, and the public will be kept informed of developments as they occur.
The report is stated in the cable messages received to-day, and the matter is engaging the attention of the authorities. Further particulars are expected at an early date, and the public will be kept informed of developments as they occur.
The report is stated in the cable messages received to-day, and the matter is engaging the attention of the authorities. Further particulars are expected at an early date, and the public will be kept informed of developments as they occur.
The report is stated in the cable messages received to-day, and the matter is engaging the attention of the authorities. Further particulars are expected at an early date, and the public will be kept informed of developments as they occur.
COMPENSATION.
The report is stated in the cable messages received to-day, and the matter is engaging the attention of the authorities. Further particulars are expected at an early date, and the public will be kept informed of developments as they occur.
INDISCRIMINATE MISSILES.
The report is stated in the cable messages received to-day, and the matter is engaging the attention of the authorities. Further particulars are expected at an early date, and the public will be kept informed of developments as they occur.
ADVICE TO CANADA.
The report is stated in the cable messages received to-day, and the matter is engaging the attention of the authorities. Further particulars are expected at an early date, and the public will be kept informed of developments as they occur.
FINNISH FINESSE.
The report is stated in the cable messages received to-day, and the matter is engaging the attention of the authorities. Further particulars are expected at an early date, and the public will be kept informed of developments as they occur.
WEST MONMOUTH.
The report is stated in the cable messages received to-day, and the matter is engaging the attention of the authorities. Further particulars are expected at an early date, and the public will be kept informed of developments as they occur.
A JEALOUS LOVER.
The report is stated in the cable messages received to-day, and the matter is engaging the attention of the authorities. Further particulars are expected at an early date, and the public will be kept informed of developments as they occur.
ARBITRATION.
The report is stated in the cable messages received to-day, and the matter is engaging the attention of the authorities. Further particulars are expected at an early date, and the public will be kept informed of developments as they occur.
Sudden Deaths.
The report is stated in the cable messages received to-day, and the matter is engaging the attention of the authorities. Further particulars are expected at an early date, and the public will be kept informed of developments as they occur.
Christchurch Cathedral.
The report is stated in the cable messages received to-day, and the matter is engaging the attention of the authorities. Further particulars are expected at an early date, and the public will be kept informed of developments as they occur.
HOLLOWAY'S OINTMENT AND PILLS.
The report is stated in the cable messages received to-day, and the matter is engaging the attention of the authorities. Further particulars are expected at an early date, and the public will be kept informed of developments as they occur.
The report is stated in the cable messages received to-day, and the matter is engaging the attention of the authorities. Further particulars are expected at an early date, and the public will be kept informed of developments as they occur.
The report is stated in the cable messages received to-day, and the matter is engaging the attention of the authorities. Further particulars are expected at an early date, and the public will be kept informed of developments as they occur.
The report is stated in the cable messages received to-day, and the matter is engaging the attention of the authorities. Further particulars are expected at an early date, and the public will be kept informed of developments as they occur.
The report is stated in the cable messages received to-day, and the matter is engaging the attention of the authorities. Further particulars are expected at an early date, and the public will be kept informed of developments as they occur.
The report is stated in the cable messages received to-day, and the matter is engaging the attention of the authorities. Further particulars are expected at an early date, and the public will be kept informed of developments as they occur.
The report is stated in the cable messages received to-day, and the matter is engaging the attention of the authorities. Further particulars are expected at an early date, and the public will be kept informed of developments as they occur.
The report is stated in the cable messages received to-day, and the matter is engaging the attention of the authorities. Further particulars are expected at an early date, and the public will be kept informed of developments as they occur.
The report is stated in the cable messages received to-day, and the matter is engaging the attention of the authorities. Further particulars are expected at an early date, and the public will be kept informed of developments as they occur.
The report is stated in the cable messages received to-day, and the matter is engaging the attention of the authorities. Further particulars are expected at an early date, and the public will be kept informed of developments as they occur.
The report is stated in the cable messages received to-day, and the matter is engaging the attention of the authorities. Further particulars are expected at an early date, and the public will be kept informed of developments as they occur.
The report is stated in the cable messages received to-day, and the matter is engaging the attention of the authorities. Further particulars are expected at an early date, and the public will be kept informed of developments as they occur.
The report is stated in the cable messages received to-day, and the matter is engaging the attention of the authorities. Further particulars are expected at an early date, and the public will be kept informed of developments as they occur.
The report is stated in the cable messages received to-day, and the matter is engaging the attention of the authorities. Further particulars are expected at an early date, and the public will be kept informed of developments as they occur.
The report is stated in the cable messages received to-day, and the matter is engaging the attention of the authorities. Further particulars are expected at an early date, and the public will be kept informed of developments as they occur.
The report is stated in the cable messages received to-day, and the matter is engaging the attention of the authorities. Further particulars are expected at an early date, and the public will be kept informed of developments as they occur.
The report is stated in the cable messages received to-day, and the matter is engaging the attention of the authorities. Further particulars are expected at an early date, and the public will be kept informed of developments as they occur.
The report is stated in the cable messages received to-day, and the matter is engaging the attention of the authorities. Further particulars are expected at an early date, and the public will be kept informed of developments as they occur.
The report is stated in the cable messages received to-day, and the matter is engaging the attention of the authorities. Further particulars are expected at an early date, and the public will be kept informed of developments as they occur.
The report is stated in the cable messages received to-day, and the matter is engaging the attention of the authorities. Further particulars are expected at an early date, and the public will be kept informed of developments as they occur.
The report is stated in the cable messages received to-day, and the matter is engaging the attention of the authorities. Further particulars are expected at an early date, and the public will be kept informed of developments as they occur.
The report is stated in the cable messages received to-day, and the matter is engaging the attention of the authorities. Further particulars are expected at an early date, and the public will be kept informed of developments as they occur.
The report is stated in the cable messages received to-day, and the matter is engaging the attention of the authorities. Further particulars are expected at an early date, and the public will be kept informed of developments as they occur.
The report is stated in the cable messages received to-day, and the matter is engaging the attention of the authorities. Further particulars are expected at an early date, and the public will be kept informed of developments as they occur.
The report is stated in the cable messages received to-day, and the matter is engaging the attention of the authorities. Further particulars are expected at an early date, and the public will be kept informed of developments as they occur.
The report is stated in the cable messages received to-day, and the matter is engaging the attention of the authorities. Further particulars are expected at an early date, and the public will be kept informed of developments as they occur.
The report is stated in the cable messages received to-day, and the matter is engaging the attention of the authorities. Further particulars are expected at an early date, and the public will be kept informed of developments as they occur.
The report is stated in the cable messages received to-day, and the matter is engaging the attention of the authorities. Further particulars are expected at an early date, and the public will be kept informed of developments as they occur.
The report is stated in the cable messages received to-day, and the matter is engaging the attention of the authorities. Further particulars are expected at an early date, and the public will be kept informed of developments as they occur.
The report is stated in the cable messages received to-day, and the matter is engaging the attention of the authorities. Further particulars are expected at an early date, and the public will be kept informed of developments as they occur.
The report is stated in the cable messages received to-day, and the matter is engaging the attention of the authorities. Further particulars are expected at an early date, and the public will be kept informed of developments as they occur.
The report is stated in the cable messages received to-day, and the matter is engaging the attention of the authorities. Further particulars are expected at an early date, and the public will be kept informed of developments as they occur.
The report is stated in the cable messages received to-day, and the matter is engaging the attention of the authorities. Further particulars are expected at an early date, and the public will be kept informed of developments as they occur.
The report is stated in the cable messages received to-day, and the matter is engaging the attention of the authorities. Further particulars are expected at an early date, and the public will be kept informed of developments as they occur.
The report is stated in the cable messages received to-day, and the matter is engaging the attention of the authorities. Further particulars are expected at an early date, and the public will be kept informed of developments as they occur.
The report is stated in the cable messages received to-day, and the matter is engaging the attention of the authorities. Further particulars are expected at an early date, and the public will be kept informed of developments as they occur.
The report is stated in the cable messages received to-day, and the matter is engaging the attention of the authorities. Further particulars are expected at an early date, and the public will be kept informed of developments as they occur.
The report is stated in the cable messages received to-day, and the matter is engaging the attention of the authorities. Further particulars are expected at an early date, and the public will be kept informed of developments as they occur.
The report is stated in the cable messages received to-day, and the matter is engaging the attention of the authorities. Further particulars are expected at an early date, and the public will be kept informed of developments as they occur.
The report is stated in the cable messages received to-day, and the matter is engaging the attention of the authorities. Further particulars are expected at an early date, and the public will be kept informed of developments as they occur.
The report is stated in the cable messages received to-day, and the matter is engaging the attention of the authorities. Further particulars are expected at an early date, and the public will be kept informed of developments as they occur.
RUSSIA AND JAPAN.
The report is stated in the cable messages received to-day, and the matter is engaging the attention of the authorities. Further particulars are expected at an early date, and the public will be kept informed of developments as they occur.
STRUGGLE FOR POSSESSION AT PORT ARTHUR.
The report is stated in the cable messages received to-day, and the matter is engaging the attention of the authorities. Further particulars are expected at an early date, and the public will be kept informed of developments as they occur.
ANOTHER HEAVY ASSAULT.
The report is stated in the cable messages received to-day, and the matter is engaging the attention of the authorities. Further particulars are expected at an early date, and the public will be kept informed of developments as they occur.
GARRISON CAVING IN.
The report is stated in the cable messages received to-day, and the matter is engaging the attention of the authorities. Further particulars are expected at an early date, and the public will be kept informed of developments as they occur.
A SUBMARINE MINE.
The report is stated in the cable messages received to-day, and the matter is engaging the attention of the authorities. Further particulars are expected at an early date, and the public will be kept informed of developments as they occur.
ALONG THE SHA-HO LINE.
The report is stated in the cable messages received to-day, and the matter is engaging the attention of the authorities. Further particulars are expected at an early date, and the public will be kept informed of developments as they occur.
RUSSIANS OUTNUMBERED.
The report is stated in the cable messages received to-day, and the matter is engaging the attention of the authorities. Further particulars are expected at an early date, and the public will be kept informed of developments as they occur.
THE SINEWS OF WAR.
The report is stated in the cable messages received to-day, and the matter is engaging the attention of the authorities. Further particulars are expected at an early date, and the public will be kept informed of developments as they occur.
Pak-a-pu.
The report is stated in the cable messages received to-day, and the matter is engaging the attention of the authorities. Further particulars are expected at an early date, and the public will be kept informed of developments as they occur.
Football.
The report is stated in the cable messages received to-day, and the matter is engaging the attention of the authorities. Further particulars are expected at an early date, and the public will be kept informed of developments as they occur.
Another River Victim.
The report is stated in the cable messages received to-day, and the matter is engaging the attention of the authorities. Further particulars are expected at an early date, and the public will be kept informed of developments as they occur.
Rifle Shooting.
The report is stated in the cable messages received to-day, and the matter is engaging the attention of the authorities. Further particulars are expected at an early date, and the public will be kept informed of developments as they occur.
A Fatal Slip.
The report is stated in the cable messages received to-day, and the matter is engaging the attention of the authorities. Further particulars are expected at an early date, and the public will be kept informed of developments as they occur.
Parliament.
The report is stated in the cable messages received to-day, and the matter is engaging the attention of the authorities. Further particulars are expected at an early date, and the public will be kept informed of developments as they occur.
The report is stated in the cable messages received to-day, and the matter is engaging the attention of the authorities. Further particulars are expected at an early date, and the public will be kept informed of developments as they occur.
The report is stated in the cable messages received to-day, and the matter is engaging the attention of the authorities. Further particulars are expected at an early date, and the public will be kept informed of developments as they occur.
The report is stated in the cable messages received to-day, and the matter is engaging the attention of the authorities. Further particulars are expected at an early date, and the public will be kept informed of developments as they occur.
The report is stated in the cable messages received to-day, and the matter is engaging the attention of the authorities. Further particulars are expected at an early date, and the public will be kept informed of developments as they occur.
The report is stated in the cable messages received to-day, and the matter is engaging the attention of the authorities. Further particulars are expected at an early date, and the public will be kept informed of developments as they occur.
The report is stated in the cable messages received to-day, and the matter is engaging the attention of the authorities. Further particulars are expected at an early date, and the public will be kept informed of developments as they occur.
The report is stated in the cable messages received to-day, and the matter is engaging the attention of the authorities. Further particulars are expected at an early date, and the public will be kept informed of developments as they occur.
The report is stated in the cable messages received to-day, and the matter is engaging the attention of the authorities. Further particulars are expected at an early date, and the public will be kept informed of developments as they occur.
The report is stated in the cable messages received to-day, and the matter is engaging the attention of the authorities. Further particulars are expected at an early date, and the public will be kept informed of developments as they occur.
The report is stated in the cable messages received to-day, and the matter is engaging the attention of the authorities. Further particulars are expected at an early date, and the public will be kept informed of developments as they occur.
The report is stated in the cable messages received to-day, and the matter is engaging the attention of the authorities. Further particulars are expected at an early date, and the public will be kept informed of developments as they occur.
The report is stated in the cable messages received to-day, and the matter is engaging the attention of the authorities. Further particulars are expected at an early date, and the public will be kept informed of developments as they occur.
The report is stated in the cable messages received to-day, and the matter is engaging the attention of the authorities. Further particulars are expected at an early date, and the public will be kept informed of developments as they occur.
The report is stated in the cable messages received to-day, and the matter is engaging the attention of the authorities. Further particulars are expected at an early date, and the public will be kept informed of developments as they occur.
The report is stated in the cable messages received to-day, and the matter is engaging the attention of the authorities. Further particulars are expected at an early date, and the public will be kept informed of developments as they occur.
The report is stated in the cable messages received to-day, and the matter is engaging the attention of the authorities. Further particulars are expected at an early date, and the public will be kept informed of developments as they occur.
The report is stated in the cable messages received to-day, and the matter is engaging the attention of the authorities. Further particulars are expected at an early date, and the public will be kept informed of developments as they occur.
The report is stated in the cable messages received to-day, and the matter is engaging the attention of the authorities. Further particulars are expected at an early date, and the public will be kept informed of developments as they occur.
The report is stated in the cable messages received to-day, and the matter is engaging the attention of the authorities. Further particulars are expected at an early date, and the public will be kept informed of developments as they occur.
The report is stated in the cable messages received to-day, and the matter is engaging the attention of the authorities. Further particulars are expected at an early date, and the public will be kept informed of developments as they occur.
The report is stated in the cable messages received to-day, and the matter is engaging the attention of the authorities. Further particulars are expected at an early date, and the public will be kept informed of developments as they occur.
The report is stated in the cable messages received to-day, and the matter is engaging the attention of the authorities. Further particulars are expected at an early date, and the public will be kept informed of developments as they occur.
The report is stated in the cable messages received to-day, and the matter is engaging the attention of the authorities. Further particulars are expected at an early date, and the public will be kept informed of developments as they occur.
The report is stated in the cable messages received to-day, and the matter is engaging the attention of the authorities. Further particulars are expected at an early date, and the public will be kept informed of developments as they occur.
The report is stated in the cable messages received to-day, and the matter is engaging the attention of the authorities. Further particulars are expected at an early date, and the public will be kept informed of developments as they occur.
The report is stated in the cable messages received to-day, and the matter is engaging the attention of the authorities. Further particulars are expected at an early date, and the public will be kept informed of developments as they occur.
The report is stated in the cable messages received to-day, and the matter is engaging the attention of the authorities. Further particulars are expected at an early date, and the public will be kept informed of developments as they occur.
The report is stated in the cable messages received to-day, and the matter is engaging the attention of the authorities. Further particulars are expected at an early date, and the public will be kept informed of developments as they occur.
The report is stated in the cable messages received to-day, and the matter is engaging the attention of the authorities. Further particulars are expected at an early date, and the public will be kept informed of developments as they occur.
The report is stated in the cable messages received to-day, and the matter is engaging the attention of the authorities. Further particulars are expected at an early date, and the public will be kept informed of developments as they occur.
The report is stated in the cable messages received to-day, and the matter is engaging the attention of the authorities. Further particulars are expected at an early date, and the public will be kept informed of developments as they occur.
The report is stated in the cable messages received to-day, and the matter is engaging the attention of the authorities. Further particulars are expected at an early date, and the public will be kept informed of developments as they occur.
The report is stated in the cable messages received to-day, and the matter is engaging the attention of the authorities. Further particulars are expected at an early date, and the public will be kept informed of developments as they occur.
The report is stated in the cable messages received to-day, and the matter is engaging the attention of the authorities. Further particulars are expected at an early date, and the public will be kept informed of developments as they occur.
The report is stated in the cable messages received to-day, and the matter is engaging the attention of the authorities. Further particulars are expected at an early date, and the public will be kept informed of developments as they occur.
The report is stated in the cable messages received to-day, and the matter is engaging the attention of the authorities. Further particulars are expected at an early date, and the public will be kept informed of developments as they occur.
The report is stated in the cable messages received to-day, and the matter is engaging the attention of the authorities. Further particulars are expected at an early date, and the public will be kept informed of developments as they occur.
The report is stated in the cable messages received to-day, and the matter is engaging the attention of the authorities. Further particulars are expected at an early date, and the public will be kept informed of developments as they occur.
The report is stated in the cable messages received to-day, and the matter is engaging the attention of the authorities. Further particulars are expected at an early date, and the public will be kept informed of developments as they occur.
The report is stated in the cable messages received to-day, and the matter is engaging the attention of the authorities. Further particulars are expected at an early date, and the public will be kept informed of developments as they occur.
